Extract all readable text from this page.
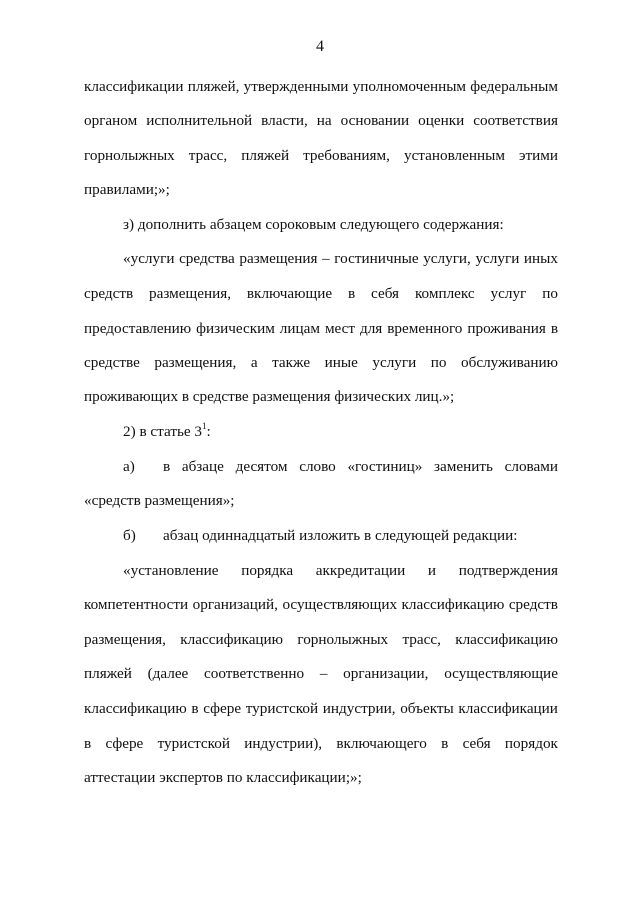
4
классификации пляжей, утвержденными уполномоченным федеральным
органом исполнительной власти, на основании оценки соответствия
горнолыжных трасс, пляжей требованиям, установленным этими
правилами;»;
з) дополнить абзацем сороковым следующего содержания:
«услуги средства размещения – гостиничные услуги, услуги иных
средств размещения, включающие в себя комплекс услуг по
предоставлению физическим лицам мест для временного проживания в
средстве размещения, а также иные услуги по обслуживанию
проживающих в средстве размещения физических лиц.»;
2) в статье $3^1$:
а) в абзаце десятом слово «гостиниц» заменить словами
«средств размещения»;
б) абзац одиннадцатый изложить в следующей редакции:
«установление порядка аккредитации и подтверждения
компетентности организаций, осуществляющих классификацию средств
размещения, классификацию горнолыжных трасс, классификацию
пляжей (далее соответственно – организации, осуществляющие
классификацию в сфере туристской индустрии, объекты классификации
в сфере туристской индустрии), включающего в себя порядок
аттестации экспертов по классификации;»;
